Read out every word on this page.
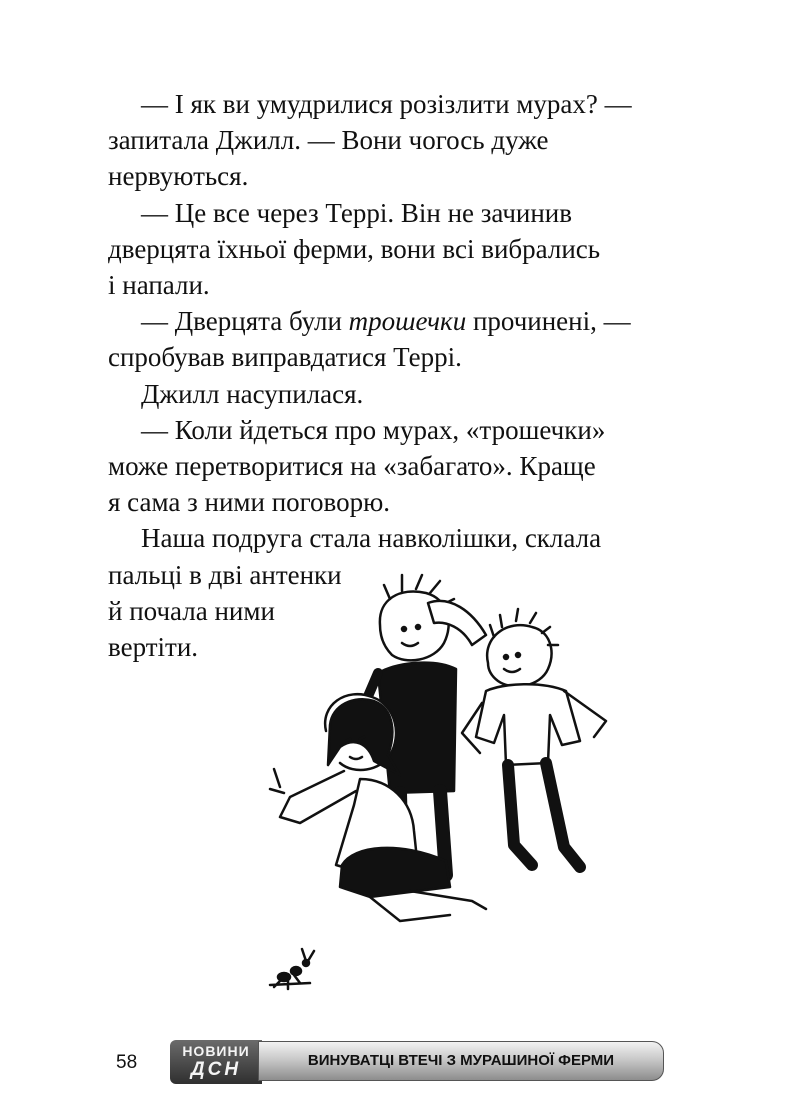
— І як ви умудрилися розізлити мурах? —
запитала Джилл. — Вони чогось дуже
нервуються.
— Це все через Террі. Він не зачинив
дверцята їхньої ферми, вони всі вибрались
і напали.
— Дверцята були трошечки прочинені, —
спробував виправдатися Террі.
Джилл насупилася.
— Коли йдеться про мурах, «трошечки»
може перетворитися на «забагато». Краще
я сама з ними поговорю.
Наша подруга стала навколішки, склала
пальці в дві антенки
й почала ними
вертіти.
58
НОВИНИ
ДСН	ВИНУВАТЦІ ВТЕЧІ З МУРАШИНОЇ ФЕРМИ
